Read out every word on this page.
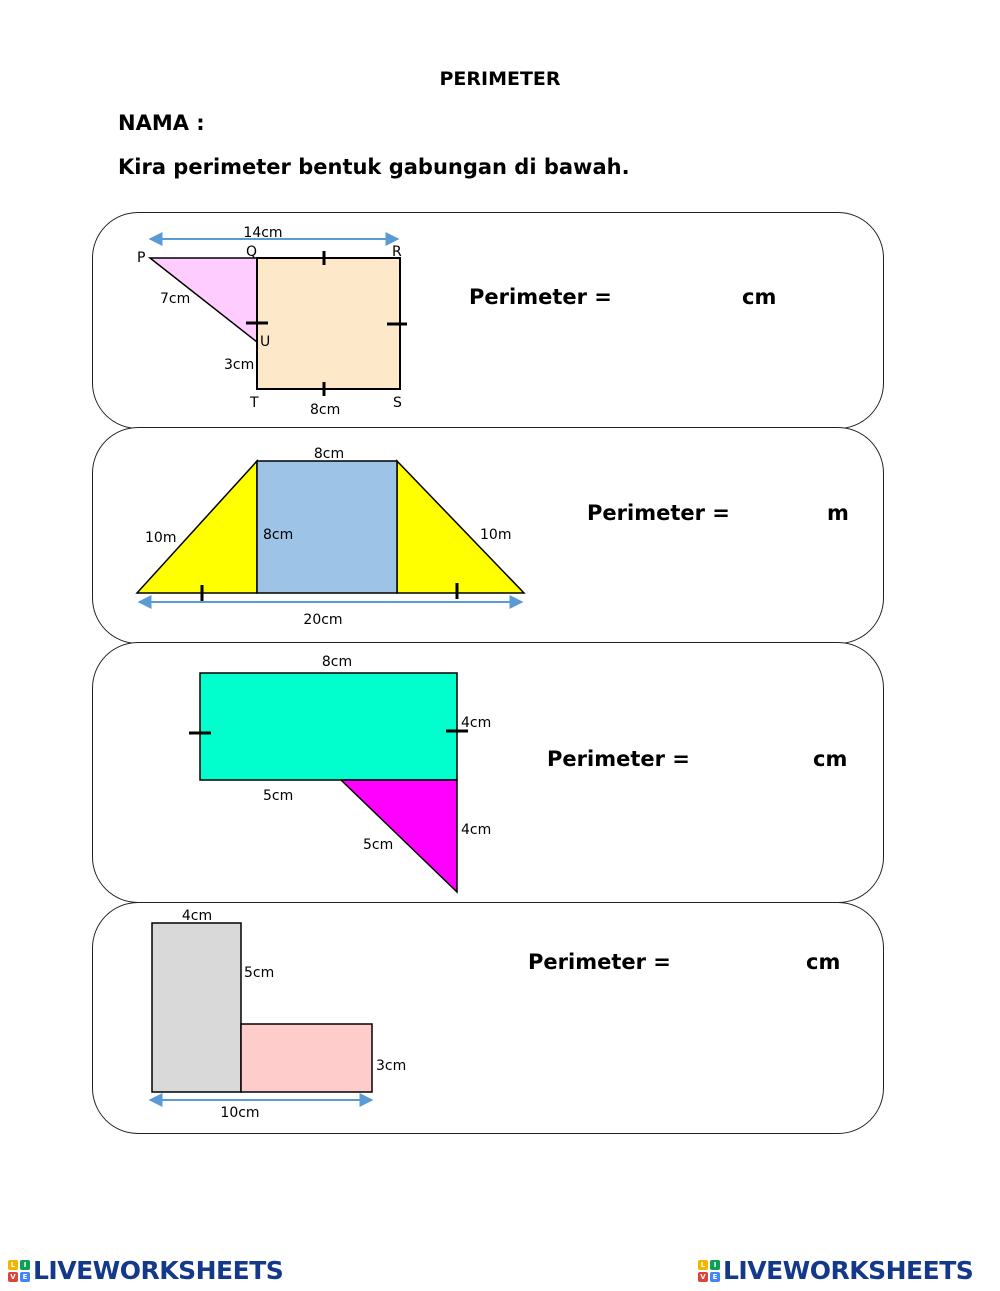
PERIMETER
NAMA :
Kira perimeter bentuk gabungan di bawah.
14cm
P	Q	R
7cm
U
3cm
T	8cm	S
Perimeter =	cm
8cm
10m	8cm	10m
20cm
Perimeter =	m
8cm
4cm
5cm
5cm
4cm
Perimeter =	cm
4cm
5cm
3cm
10cm
Perimeter =	cm
L	I
V E LIVEWORKSHEETS	L	I
V E LIVEWORKSHEETS
